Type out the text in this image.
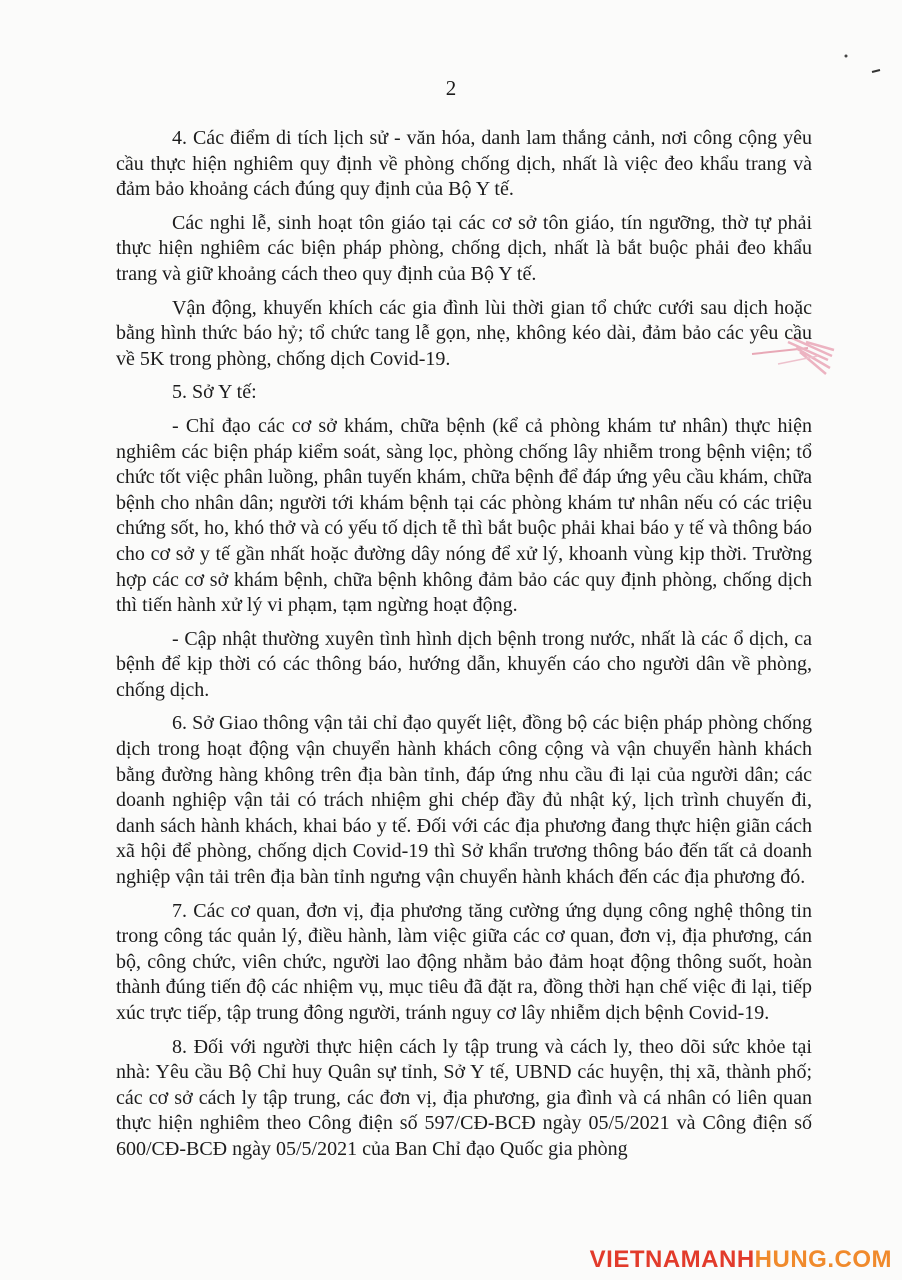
2

4. Các điểm di tích lịch sử - văn hóa, danh lam thắng cảnh, nơi công cộng yêu cầu thực hiện nghiêm quy định về phòng chống dịch, nhất là việc đeo khẩu trang và đảm bảo khoảng cách đúng quy định của Bộ Y tế.

Các nghi lễ, sinh hoạt tôn giáo tại các cơ sở tôn giáo, tín ngưỡng, thờ tự phải thực hiện nghiêm các biện pháp phòng, chống dịch, nhất là bắt buộc phải đeo khẩu trang và giữ khoảng cách theo quy định của Bộ Y tế.

Vận động, khuyến khích các gia đình lùi thời gian tổ chức cưới sau dịch hoặc bằng hình thức báo hỷ; tổ chức tang lễ gọn, nhẹ, không kéo dài, đảm bảo các yêu cầu về 5K trong phòng, chống dịch Covid-19.

5. Sở Y tế:

- Chỉ đạo các cơ sở khám, chữa bệnh (kể cả phòng khám tư nhân) thực hiện nghiêm các biện pháp kiểm soát, sàng lọc, phòng chống lây nhiễm trong bệnh viện; tổ chức tốt việc phân luồng, phân tuyến khám, chữa bệnh để đáp ứng yêu cầu khám, chữa bệnh cho nhân dân; người tới khám bệnh tại các phòng khám tư nhân nếu có các triệu chứng sốt, ho, khó thở và có yếu tố dịch tễ thì bắt buộc phải khai báo y tế và thông báo cho cơ sở y tế gần nhất hoặc đường dây nóng để xử lý, khoanh vùng kịp thời. Trường hợp các cơ sở khám bệnh, chữa bệnh không đảm bảo các quy định phòng, chống dịch thì tiến hành xử lý vi phạm, tạm ngừng hoạt động.

- Cập nhật thường xuyên tình hình dịch bệnh trong nước, nhất là các ổ dịch, ca bệnh để kịp thời có các thông báo, hướng dẫn, khuyến cáo cho người dân về phòng, chống dịch.

6. Sở Giao thông vận tải chỉ đạo quyết liệt, đồng bộ các biện pháp phòng chống dịch trong hoạt động vận chuyển hành khách công cộng và vận chuyển hành khách bằng đường hàng không trên địa bàn tỉnh, đáp ứng nhu cầu đi lại của người dân; các doanh nghiệp vận tải có trách nhiệm ghi chép đầy đủ nhật ký, lịch trình chuyến đi, danh sách hành khách, khai báo y tế. Đối với các địa phương đang thực hiện giãn cách xã hội để phòng, chống dịch Covid-19 thì Sở khẩn trương thông báo đến tất cả doanh nghiệp vận tải trên địa bàn tỉnh ngưng vận chuyển hành khách đến các địa phương đó.

7. Các cơ quan, đơn vị, địa phương tăng cường ứng dụng công nghệ thông tin trong công tác quản lý, điều hành, làm việc giữa các cơ quan, đơn vị, địa phương, cán bộ, công chức, viên chức, người lao động nhằm bảo đảm hoạt động thông suốt, hoàn thành đúng tiến độ các nhiệm vụ, mục tiêu đã đặt ra, đồng thời hạn chế việc đi lại, tiếp xúc trực tiếp, tập trung đông người, tránh nguy cơ lây nhiễm dịch bệnh Covid-19.

8. Đối với người thực hiện cách ly tập trung và cách ly, theo dõi sức khỏe tại nhà: Yêu cầu Bộ Chỉ huy Quân sự tỉnh, Sở Y tế, UBND các huyện, thị xã, thành phố; các cơ sở cách ly tập trung, các đơn vị, địa phương, gia đình và cá nhân có liên quan thực hiện nghiêm theo Công điện số 597/CĐ-BCĐ ngày 05/5/2021 và Công điện số 600/CĐ-BCĐ ngày 05/5/2021 của Ban Chỉ đạo Quốc gia phòng

VIETNAMANHHUNG.COM
